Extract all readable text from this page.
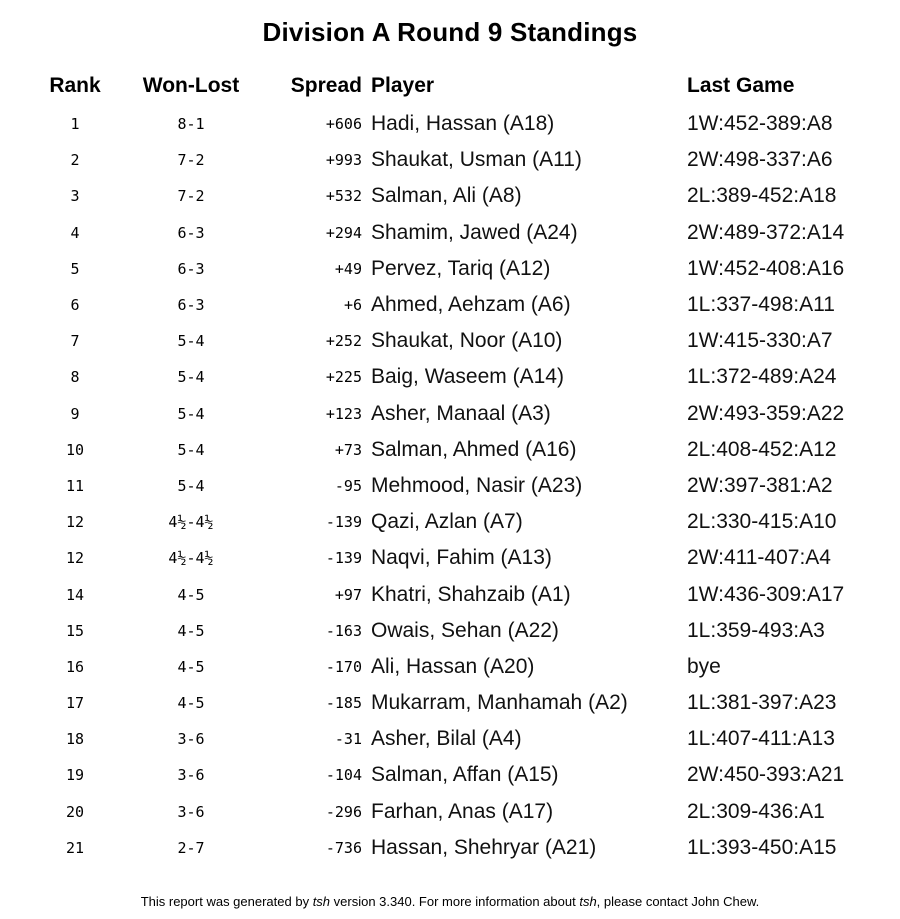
Division A Round 9 Standings
Rank	Won-Lost	Spread	Player	Last Game
1	8-1	+606	Hadi, Hassan (A18)	1W:452-389:A8
2	7-2	+993	Shaukat, Usman (A11)	2W:498-337:A6
3	7-2	+532	Salman, Ali (A8)	2L:389-452:A18
4	6-3	+294	Shamim, Jawed (A24)	2W:489-372:A14
5	6-3	+49	Pervez, Tariq (A12)	1W:452-408:A16
6	6-3	+6	Ahmed, Aehzam (A6)	1L:337-498:A11
7	5-4	+252	Shaukat, Noor (A10)	1W:415-330:A7
8	5-4	+225	Baig, Waseem (A14)	1L:372-489:A24
9	5-4	+123	Asher, Manaal (A3)	2W:493-359:A22
10	5-4	+73	Salman, Ahmed (A16)	2L:408-452:A12
11	5-4	-95	Mehmood, Nasir (A23)	2W:397-381:A2
12	4½-4½	-139	Qazi, Azlan (A7)	2L:330-415:A10
12	4½-4½	-139	Naqvi, Fahim (A13)	2W:411-407:A4
14	4-5	+97	Khatri, Shahzaib (A1)	1W:436-309:A17
15	4-5	-163	Owais, Sehan (A22)	1L:359-493:A3
16	4-5	-170	Ali, Hassan (A20)	bye
17	4-5	-185	Mukarram, Manhamah (A2)	1L:381-397:A23
18	3-6	-31	Asher, Bilal (A4)	1L:407-411:A13
19	3-6	-104	Salman, Affan (A15)	2W:450-393:A21
20	3-6	-296	Farhan, Anas (A17)	2L:309-436:A1
21	2-7	-736	Hassan, Shehryar (A21)	1L:393-450:A15
This report was generated by tsh version 3.340. For more information about tsh, please contact John Chew.
